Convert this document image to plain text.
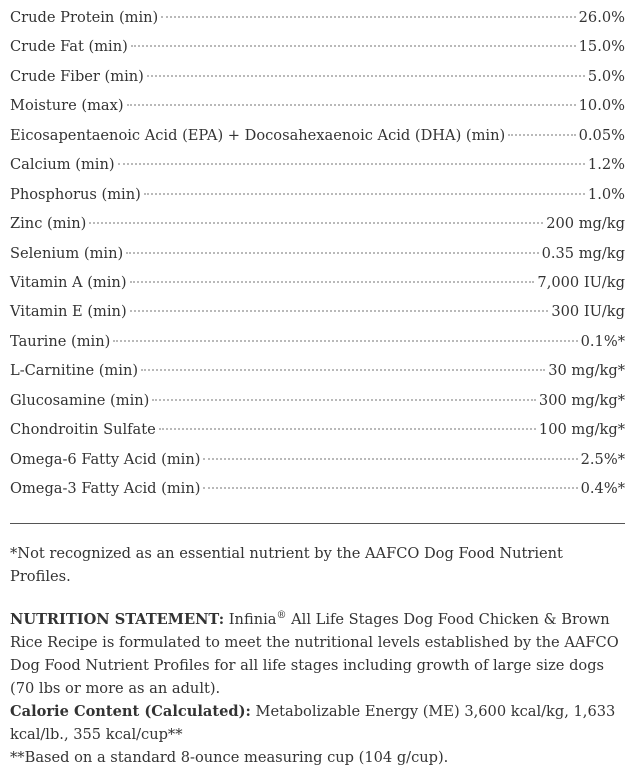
Crude Protein (min)	26.0%
Crude Fat (min)	15.0%
Crude Fiber (min)	5.0%
Moisture (max)	10.0%
Eicosapentaenoic Acid (EPA) + Docosahexaenoic Acid (DHA) (min)	0.05%
Calcium (min)	1.2%
Phosphorus (min)	1.0%
Zinc (min)	200 mg/kg
Selenium (min)	0.35 mg/kg
Vitamin A (min)	7,000 IU/kg
Vitamin E (min)	300 IU/kg
Taurine (min)	0.1%*
L-Carnitine (min)	30 mg/kg*
Glucosamine (min)	300 mg/kg*
Chondroitin Sulfate	100 mg/kg*
Omega-6 Fatty Acid (min)	2.5%*
Omega-3 Fatty Acid (min)	0.4%*

*Not recognized as an essential nutrient by the AAFCO Dog Food Nutrient Profiles.

NUTRITION STATEMENT: Infinia® All Life Stages Dog Food Chicken & Brown Rice Recipe is formulated to meet the nutritional levels established by the AAFCO Dog Food Nutrient Profiles for all life stages including growth of large size dogs (70 lbs or more as an adult).

Calorie Content (Calculated): Metabolizable Energy (ME) 3,600 kcal/kg, 1,633 kcal/lb., 355 kcal/cup**

**Based on a standard 8-ounce measuring cup (104 g/cup).
